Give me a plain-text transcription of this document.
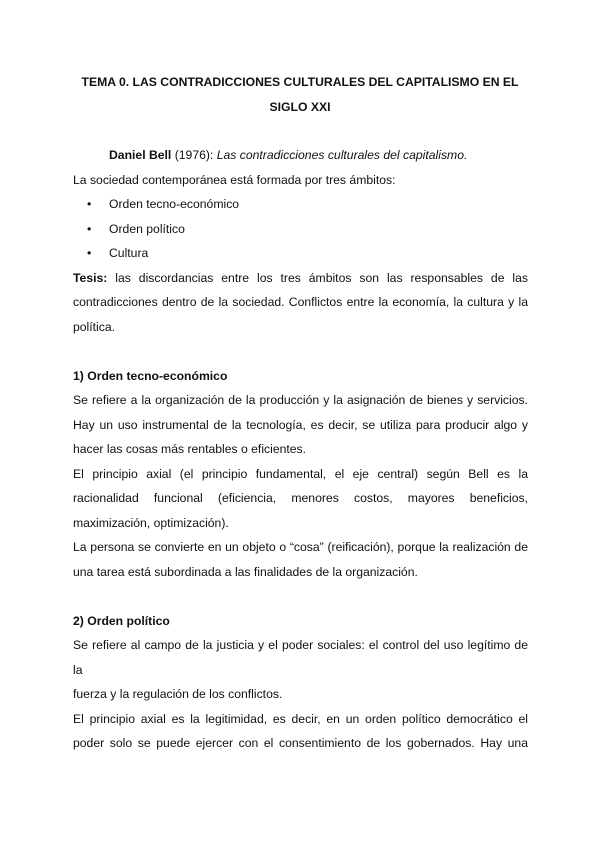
TEMA 0. LAS CONTRADICCIONES CULTURALES DEL CAPITALISMO EN EL
SIGLO XXI

Daniel Bell (1976): Las contradicciones culturales del capitalismo.

La sociedad contemporánea está formada por tres ámbitos:

• Orden tecno-económico
• Orden político
• Cultura

Tesis: las discordancias entre los tres ámbitos son las responsables de las

contradicciones dentro de la sociedad. Conflictos entre la economía, la cultura y la

política.

1) Orden tecno-económico

Se refiere a la organización de la producción y la asignación de bienes y servicios.

Hay un uso instrumental de la tecnología, es decir, se utiliza para producir algo y

hacer las cosas más rentables o eficientes.

El principio axial (el principio fundamental, el eje central) según Bell es la

racionalidad funcional (eficiencia, menores costos, mayores beneficios,

maximización, optimización).

La persona se convierte en un objeto o “cosa” (reificación), porque la realización de

una tarea está subordinada a las finalidades de la organización.

2) Orden político

Se refiere al campo de la justicia y el poder sociales: el control del uso legítimo de la

fuerza y la regulación de los conflictos.

El principio axial es la legitimidad, es decir, en un orden político democrático el

poder solo se puede ejercer con el consentimiento de los gobernados. Hay una
